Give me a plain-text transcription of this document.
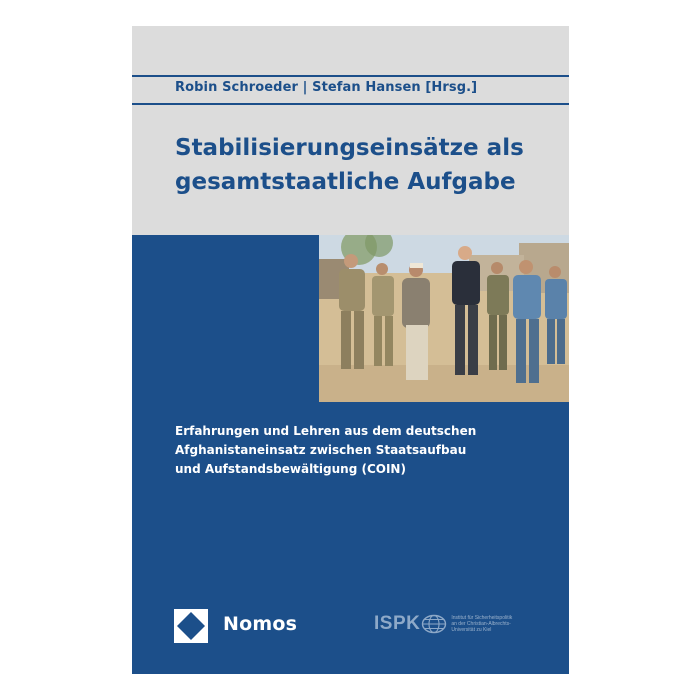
Robin Schroeder | Stefan Hansen [Hrsg.]
Stabilisierungseinsätze als
gesamtstaatliche Aufgabe
Erfahrungen und Lehren aus dem deutschen
Afghanistaneinsatz zwischen Staatsaufbau
und Aufstandsbewältigung (COIN)
Nomos	ISPK	Institut für Sicherheitspolitik
an der Christian-Albrechts-
Universität zu Kiel
